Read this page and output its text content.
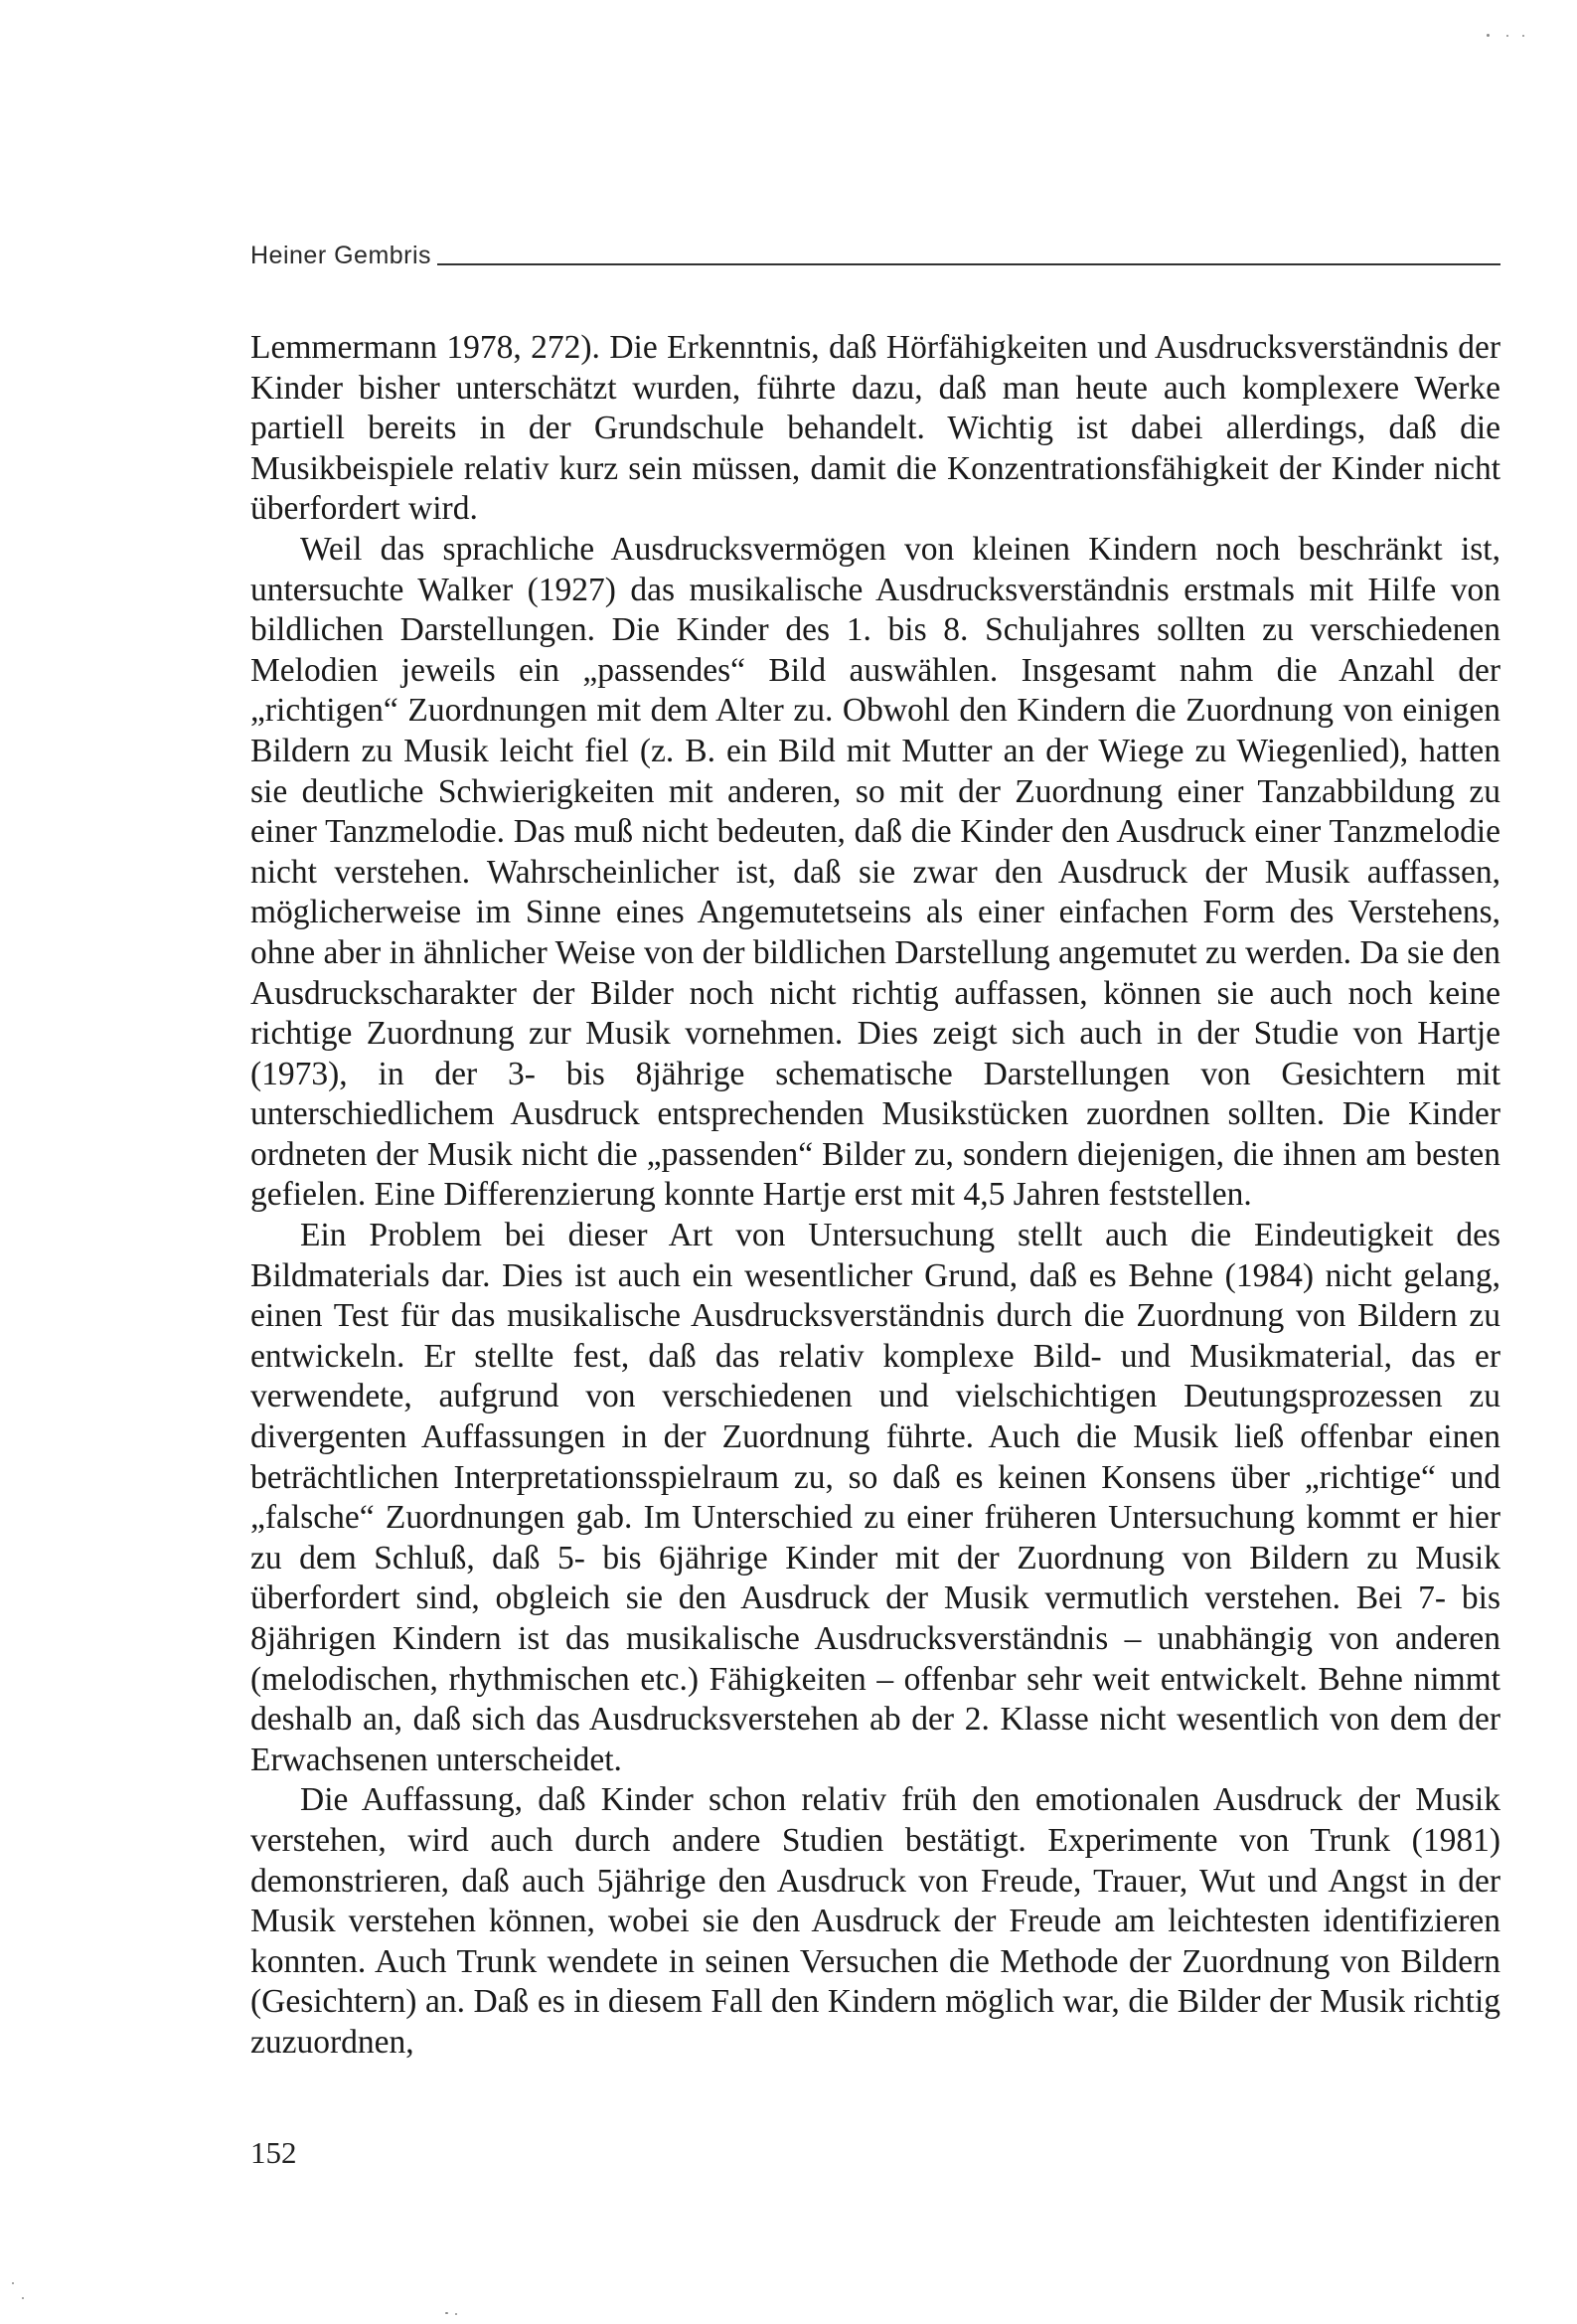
Heiner Gembris

Lemmermann 1978, 272). Die Erkenntnis, daß Hörfähigkeiten und Ausdrucksverständnis der Kinder bisher unterschätzt wurden, führte dazu, daß man heute auch komplexere Werke partiell bereits in der Grundschule behandelt. Wichtig ist dabei allerdings, daß die Musikbeispiele relativ kurz sein müssen, damit die Konzentrationsfähigkeit der Kinder nicht überfordert wird.

Weil das sprachliche Ausdrucksvermögen von kleinen Kindern noch beschränkt ist, untersuchte Walker (1927) das musikalische Ausdrucksverständnis erstmals mit Hilfe von bildlichen Darstellungen. Die Kinder des 1. bis 8. Schuljahres sollten zu verschiedenen Melodien jeweils ein „passendes“ Bild auswählen. Insgesamt nahm die Anzahl der „richtigen“ Zuordnungen mit dem Alter zu. Obwohl den Kindern die Zuordnung von einigen Bildern zu Musik leicht fiel (z. B. ein Bild mit Mutter an der Wiege zu Wiegenlied), hatten sie deutliche Schwierigkeiten mit anderen, so mit der Zuordnung einer Tanzabbildung zu einer Tanzmelodie. Das muß nicht bedeuten, daß die Kinder den Ausdruck einer Tanzmelodie nicht verstehen. Wahrscheinlicher ist, daß sie zwar den Ausdruck der Musik auffassen, möglicherweise im Sinne eines Angemutetseins als einer einfachen Form des Verstehens, ohne aber in ähnlicher Weise von der bildlichen Darstellung angemutet zu werden. Da sie den Ausdruckscharakter der Bilder noch nicht richtig auffassen, können sie auch noch keine richtige Zuordnung zur Musik vornehmen. Dies zeigt sich auch in der Studie von Hartje (1973), in der 3- bis 8jährige schematische Darstellungen von Gesichtern mit unterschiedlichem Ausdruck entsprechenden Musikstücken zuordnen sollten. Die Kinder ordneten der Musik nicht die „passenden“ Bilder zu, sondern diejenigen, die ihnen am besten gefielen. Eine Differenzierung konnte Hartje erst mit 4,5 Jahren feststellen.

Ein Problem bei dieser Art von Untersuchung stellt auch die Eindeutigkeit des Bildmaterials dar. Dies ist auch ein wesentlicher Grund, daß es Behne (1984) nicht gelang, einen Test für das musikalische Ausdrucksverständnis durch die Zuordnung von Bildern zu entwickeln. Er stellte fest, daß das relativ komplexe Bild- und Musikmaterial, das er verwendete, aufgrund von verschiedenen und vielschichtigen Deutungsprozessen zu divergenten Auffassungen in der Zuordnung führte. Auch die Musik ließ offenbar einen beträchtlichen Interpretationsspielraum zu, so daß es keinen Konsens über „richtige“ und „falsche“ Zuordnungen gab. Im Unterschied zu einer früheren Untersuchung kommt er hier zu dem Schluß, daß 5- bis 6jährige Kinder mit der Zuordnung von Bildern zu Musik überfordert sind, obgleich sie den Ausdruck der Musik vermutlich verstehen. Bei 7- bis 8jährigen Kindern ist das musikalische Ausdrucksverständnis – unabhängig von anderen (melodischen, rhythmischen etc.) Fähigkeiten – offenbar sehr weit entwickelt. Behne nimmt deshalb an, daß sich das Ausdrucksverstehen ab der 2. Klasse nicht wesentlich von dem der Erwachsenen unterscheidet.

Die Auffassung, daß Kinder schon relativ früh den emotionalen Ausdruck der Musik verstehen, wird auch durch andere Studien bestätigt. Experimente von Trunk (1981) demonstrieren, daß auch 5jährige den Ausdruck von Freude, Trauer, Wut und Angst in der Musik verstehen können, wobei sie den Ausdruck der Freude am leichtesten identifizieren konnten. Auch Trunk wendete in seinen Versuchen die Methode der Zuordnung von Bildern (Gesichtern) an. Daß es in diesem Fall den Kindern möglich war, die Bilder der Musik richtig zuzuordnen,

152
